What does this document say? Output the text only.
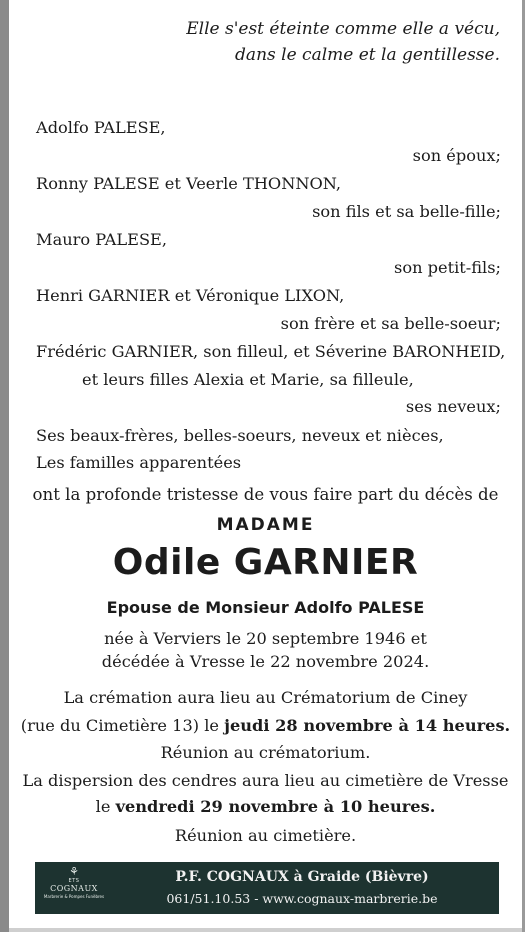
Elle s'est éteinte comme elle a vécu,
dans le calme et la gentillesse.
Adolfo PALESE,
son époux;
Ronny PALESE et Veerle THONNON,
son fils et sa belle-fille;
Mauro PALESE,
son petit-fils;
Henri GARNIER et Véronique LIXON,
son frère et sa belle-soeur;
Frédéric GARNIER, son filleul, et Séverine BARONHEID,
et leurs filles Alexia et Marie, sa filleule,
ses neveux;
Ses beaux-frères, belles-soeurs, neveux et nièces,
Les familles apparentées
ont la profonde tristesse de vous faire part du décès de
MADAME
Odile GARNIER
Epouse de Monsieur Adolfo PALESE
née à Verviers le 20 septembre 1946 et
décédée à Vresse le 22 novembre 2024.
La crémation aura lieu au Crématorium de Ciney
(rue du Cimetière 13) le jeudi 28 novembre à 14 heures.
Réunion au crématorium.
La dispersion des cendres aura lieu au cimetière de Vresse
le vendredi 29 novembre à 10 heures.
Réunion au cimetière.
⚘
ETS
COGNAUX
Marbrerie & Pompes Funèbres
P.F. COGNAUX à Graide (Bièvre)
061/51.10.53 - www.cognaux-marbrerie.be
